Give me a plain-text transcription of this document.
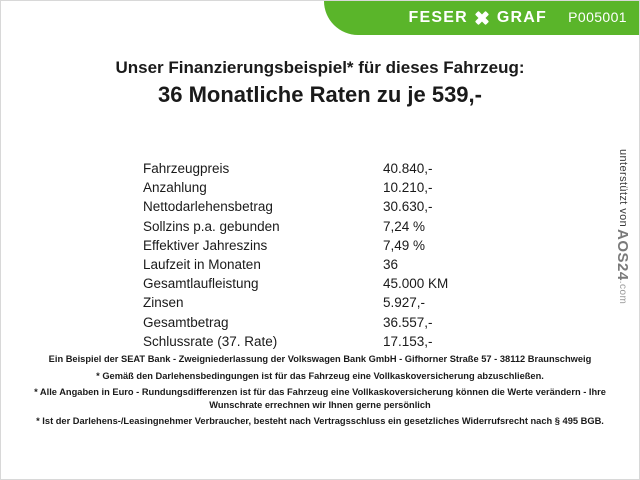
FESER GRAF P005001
Unser Finanzierungsbeispiel* für dieses Fahrzeug:
36 Monatliche Raten zu je 539,-
Fahrzeugpreis	40.840,-
Anzahlung	10.210,-
Nettodarlehensbetrag	30.630,-
Sollzins p.a. gebunden	7,24 %
Effektiver Jahreszins	7,49 %
Laufzeit in Monaten	36
Gesamtlaufleistung	45.000 KM
Zinsen	5.927,-
Gesamtbetrag	36.557,-
Schlussrate (37. Rate)	17.153,-
unterstützt von
AOS24.com

Ein Beispiel der SEAT Bank - Zweigniederlassung der Volkswagen Bank GmbH - Gifhorner Straße 57 - 38112 Braunschweig

* Gemäß den Darlehensbedingungen ist für das Fahrzeug eine Vollkaskoversicherung abzuschließen.

* Alle Angaben in Euro - Rundungsdifferenzen ist für das Fahrzeug eine Vollkaskoversicherung können die Werte verändern - Ihre Wunschrate errechnen wir Ihnen gerne persönlich

* Ist der Darlehens-/Leasingnehmer Verbraucher, besteht nach Vertragsschluss ein gesetzliches Widerrufsrecht nach § 495 BGB.
